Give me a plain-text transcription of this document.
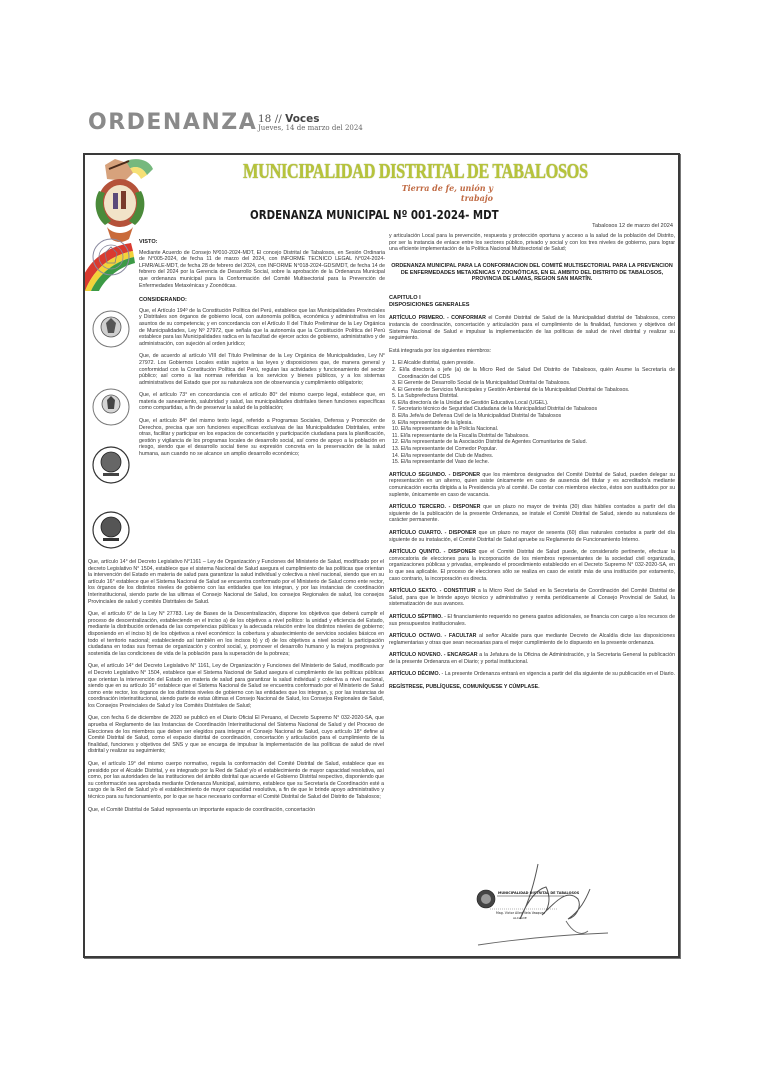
ORDENANZA 18 // Voces
Jueves, 14 de marzo del 2024
MUNICIPALIDAD DISTRITAL DE TABALOSOS
Tierra de fe, unión y
trabajo
ORDENANZA MUNICIPAL Nº 001-2024- MDT
Tabalosos 12 de marzo del 2024
VISTO:

Mediante Acuerdo de Consejo Nº010-2024-MDT, El concejo Distrital de Tabalosos, en Sesión Ordinaria de N°005-2024, de fecha 11 de marzo del 2024, con INFORME TECNICO LEGAL N°024-2024-LFMR/ALE-MDT, de fecha 28 de febrero del 2024, con INFORME N°018-2024-GDS/MDT, de fecha 14 de febrero del 2024 por la Gerencia de Desarrollo Social, sobre la aprobación de la Ordenanza Municipal que ordenanza municipal para la Conformación del Comité Multisectorial para la Prevención de Enfermedades Metaxénicas y Zoonóticas.

CONSIDERANDO:

Que, el Artículo 194º de la Constitución Política del Perú, establece que las Municipalidades Provinciales y Distritales son órganos de gobierno local, con autonomía política, económica y administrativa en los asuntos de su competencia; y en concordancia con el Artículo II del Título Preliminar de la Ley Orgánica de Municipalidades, Ley Nº 27972, que señala que la autonomía que la Constitución Política del Perú establece para las Municipalidades radica en la facultad de ejercer actos de gobierno, administrativo y de administración, con sujeción al orden jurídico;

Que, de acuerdo al artículo VIII del Título Preliminar de la Ley Orgánica de Municipalidades, Ley N° 27972. Los Gobiernos Locales están sujetos a las leyes y disposiciones que, de manera general y conformidad con la Constitución Política del Perú, regulan las actividades y funcionamiento del sector público; así como a las normas referidas a los servicios y bienes públicos, y a los sistemas administrativos del Estado que por su naturaleza son de observancia y cumplimiento obligatorio;

Que, el artículo 73° en concordancia con el artículo 80° del mismo cuerpo legal, establece que, en materia de saneamiento, salubridad y salud, las municipalidades distritales tienen funciones específicas como compartidas, a fin de preservar la salud de la población;

Que, el artículo 84° del mismo texto legal, referido a Programas Sociales, Defensa y Promoción de Derechos, precisa que son funciones específicas exclusivas de las Municipalidades Distritales, entre otras, facilitar y participar en los espacios de concertación y participación ciudadana para la planificación, gestión y vigilancia de los programas locales de desarrollo social, así como de apoyo a la población en riesgo, siendo que el desarrollo social tiene su expresión concreta en la preservación de la salud humana, aun cuando no se alcance un amplio desarrollo económico;

Que, artículo 14° del Decreto Legislativo N°1161 – Ley de Organización y Funciones del Ministerio de Salud, modificado por el decreto Legislativo N° 1504, establece que el sistema Nacional de Salud asegura el cumplimiento de las políticas que orientan la intervención del Estado en materia de salud para garantizar la salud individual y colectiva a nivel nacional, siendo que en su artículo 16° establece que el Sistema Nacional de Salud se encuentra conformado por el Ministerio de Salud como ente rector, los órganos de los distintos niveles de gobierno con las entidades que los integran, y por las instancias de coordinación Interinstitucional, siendo parte de las ultimas el Consejo Nacional de Salud, los consejos Regionales de salud, los consejos Provinciales de salud y comités Distritales de Salud.

Que, el artículo 6° de la Ley N° 27783. Ley de Bases de la Descentralización, dispone los objetivos que deberá cumplir el proceso de descentralización, estableciendo en el inciso a) de los objetivos a nivel político: la unidad y eficiencia del Estado, mediante la distribución ordenada de las competencias públicas y la adecuada relación entre los distintos niveles de gobierno; disponiendo en el inciso b) de los objetivos a nivel económico: la cobertura y abastecimiento de servicios sociales básicos en todo el territorio nacional; estableciendo así también en los incisos b) y d) de los objetivos a nivel social: la participación ciudadana en todas sus formas de organización y control social, y, promover el desarrollo humano y la mejora progresiva y sostenida de las condiciones de vida de la población para la superación de la pobreza;

Que, el artículo 14° del Decreto Legislativo N° 1161, Ley de Organización y Funciones del Ministerio de Salud, modificado por el Decreto Legislativo N° 1504, establece que el Sistema Nacional de Salud asegura el cumplimiento de las políticas públicas que orientan la intervención del Estado en materia de salud para garantizar la salud individual y colectiva a nivel nacional, siendo que en su artículo 16° establece que el Sistema Nacional de Salud se encuentra conformado por el Ministerio de Salud como ente rector, los órganos de los distintos niveles de gobierno con las entidades que los integran, y, por las instancias de coordinación interinstitucional, siendo parte de estas últimas el Consejo Nacional de Salud, los Consejos Regionales de Salud, los Consejos Provinciales de Salud y los Comités Distritales de Salud;

Que, con fecha 6 de diciembre de 2020 se publicó en el Diario Oficial El Peruano, el Decreto Supremo N° 032-2020-SA, que aprueba el Reglamento de las Instancias de Coordinación Interinstitucional del Sistema Nacional de Salud y del Proceso de Elecciones de los miembros que deben ser elegidos para integrar el Consejo Nacional de Salud, cuyo artículo 18° define al Comité Distrital de Salud, como el espacio distrital de coordinación, concertación y articulación para el cumplimiento de la finalidad, funciones y objetivos del SNS y que se encarga de impulsar la implementación de las políticas de salud de nivel distrital y realizar su seguimiento;

Que, el artículo 19° del mismo cuerpo normativo, regula la conformación del Comité Distrital de Salud, establece que es presidido por el Alcalde Distrital, y es integrado por la Red de Salud y/o el establecimiento de mayor capacidad resolutiva, así como, por las autoridades de las instituciones del ámbito distrital que acuerde el Gobierno Distrital respectivo, disponiendo que su conformación sea aprobada mediante Ordenanza Municipal, asimismo, establece que su Secretaría de Coordinación esté a cargo de la Red de Salud y/o el establecimiento de mayor capacidad resolutiva, a fin de que le brinde apoyo administrativo y técnico para su funcionamiento, por lo que se hace necesario conformar el Comité Distrital de Salud del Distrito de Tabalosos;

Que, el Comité Distrital de Salud representa un importante espacio de coordinación, concertación

y articulación Local para la prevención, respuesta y protección oportuna y acceso a la salud de la población del Distrito, por ser la instancia de enlace entre los sectores público, privado y social y con los tres niveles de gobierno, para lograr una eficiente implementación de la Política Nacional Multisectorial de Salud;

ORDENANZA MUNICIPAL PARA LA CONFORMACION DEL COMITÉ MULTISECTORIAL PARA LA PREVENCION DE ENFERMEDADES METAXÉNICAS Y ZOONÓTICAS, EN EL AMBITO DEL DISTRITO DE TABALOSOS, PROVINCIA DE LAMAS, REGION SAN MARTÍN.

CAPITULO I
DISPOSICIONES GENERALES

ARTÍCULO PRIMERO. - CONFORMAR el Comité Distrital de Salud de la Municipalidad distrital de Tabalosos, como instancia de coordinación, concertación y articulación para el cumplimiento de la finalidad, funciones y objetivos del Sistema Nacional de Salud e impulsar la implementación de las políticas de salud de nivel distrital y realizar su seguimiento.

Está integrada por los siguientes miembros:

1. El Alcalde distrital, quien preside.
2. El/la director/a o jefe (a) de la Micro Red de Salud Del Distrito de Tabalosos, quién Asume la Secretaría de Coordinación del CDS
3. El Gerente de Desarrollo Social de la Municipalidad Distrital de Tabalosos.
4. El Gerente de Servicios Municipales y Gestión Ambiental de la Municipalidad Distrital de Tabalosos.
5. La Subprefectura Distrital.
6. El/la director/a de la Unidad de Gestión Educativa Local (UGEL).
7. Secretario técnico de Seguridad Ciudadana de la Municipalidad Distrital de Tabalosos
8. El/la Jefe/a de Defensa Civil de la Municipalidad Distrital de Tabalosos
9. El/la representante de la Iglesia.
10. El/la representante de la Policía Nacional.
11. El/la representante de la Fiscalía Distrital de Tabalosos.
12. El/la representante de la Asociación Distrital de Agentes Comunitarios de Salud.
13. El/la representante del Comedor Popular.
14. El/la representante del Club de Madres.
15. El/la representante del Vaso de leche.

ARTÍCULO SEGUNDO. - DISPONER que los miembros designados del Comité Distrital de Salud, pueden delegar su representación en un alterno, quien asiste únicamente en caso de ausencia del titular y es acreditado/a mediante comunicación escrita dirigida a la Presidencia y/o al comité. De contar con miembros electos, éstos son sustituidos por su suplente, únicamente en caso de vacancia.

ARTÍCULO TERCERO. - DISPONER que un plazo no mayor de treinta (30) días hábiles contados a partir del día siguiente de la publicación de la presente Ordenanza, se instale el Comité Distrital de Salud, siendo su naturaleza de carácter permanente.

ARTÍCULO CUARTO. - DISPONER que un plazo no mayor de sesenta (60) días naturales contados a partir del día siguiente de su instalación, el Comité Distrital de Salud apruebe su Reglamento de Funcionamiento Interno.

ARTÍCULO QUINTO. - DISPONER que el Comité Distrital de Salud puede, de considerarlo pertinente, efectuar la convocatoria de elecciones para la incorporación de los miembros representantes de la sociedad civil organizada, organizaciones públicas y privadas, empleando el procedimiento establecido en el Decreto Supremo N° 032-2020-SA, en lo que sea aplicable. El proceso de elecciones sólo se realiza en caso de existir más de una institución por estamento, caso contrario, la incorporación es directa.

ARTÍCULO SEXTO. - CONSTITUIR a la Micro Red de Salud en la Secretaría de Coordinación del Comité Distrital de Salud, para que le brinde apoyo técnico y administrativo y remita periódicamente al Consejo Provincial de Salud, la sistematización de sus avances.

ARTÍCULO SÉPTIMO. - El financiamiento requerido no genera gastos adicionales, se financia con cargo a los recursos de sus presupuestos institucionales.

ARTÍCULO OCTAVO. - FACULTAR al señor Alcalde para que mediante Decreto de Alcaldía dicte las disposiciones reglamentarias y otras que sean necesarias para el mejor cumplimiento de lo dispuesto en la presente ordenanza.

ARTÍCULO NOVENO. - ENCARGAR a la Jefatura de la Oficina de Administración, y la Secretaria General la publicación de la presente Ordenanza en el Diario; y portal institucional.

ARTÍCULO DÉCIMO. - La presente Ordenanza entrará en vigencia a partir del día siguiente de su publicación en el Diario.

REGÍSTRESE, PUBLÍQUESE, COMUNÍQUESE Y CÚMPLASE.

MUNICIPALIDAD DISTRITAL DE TABALOSOS
Mag. Victor Allen Vela Vasquez
ALCALDE
